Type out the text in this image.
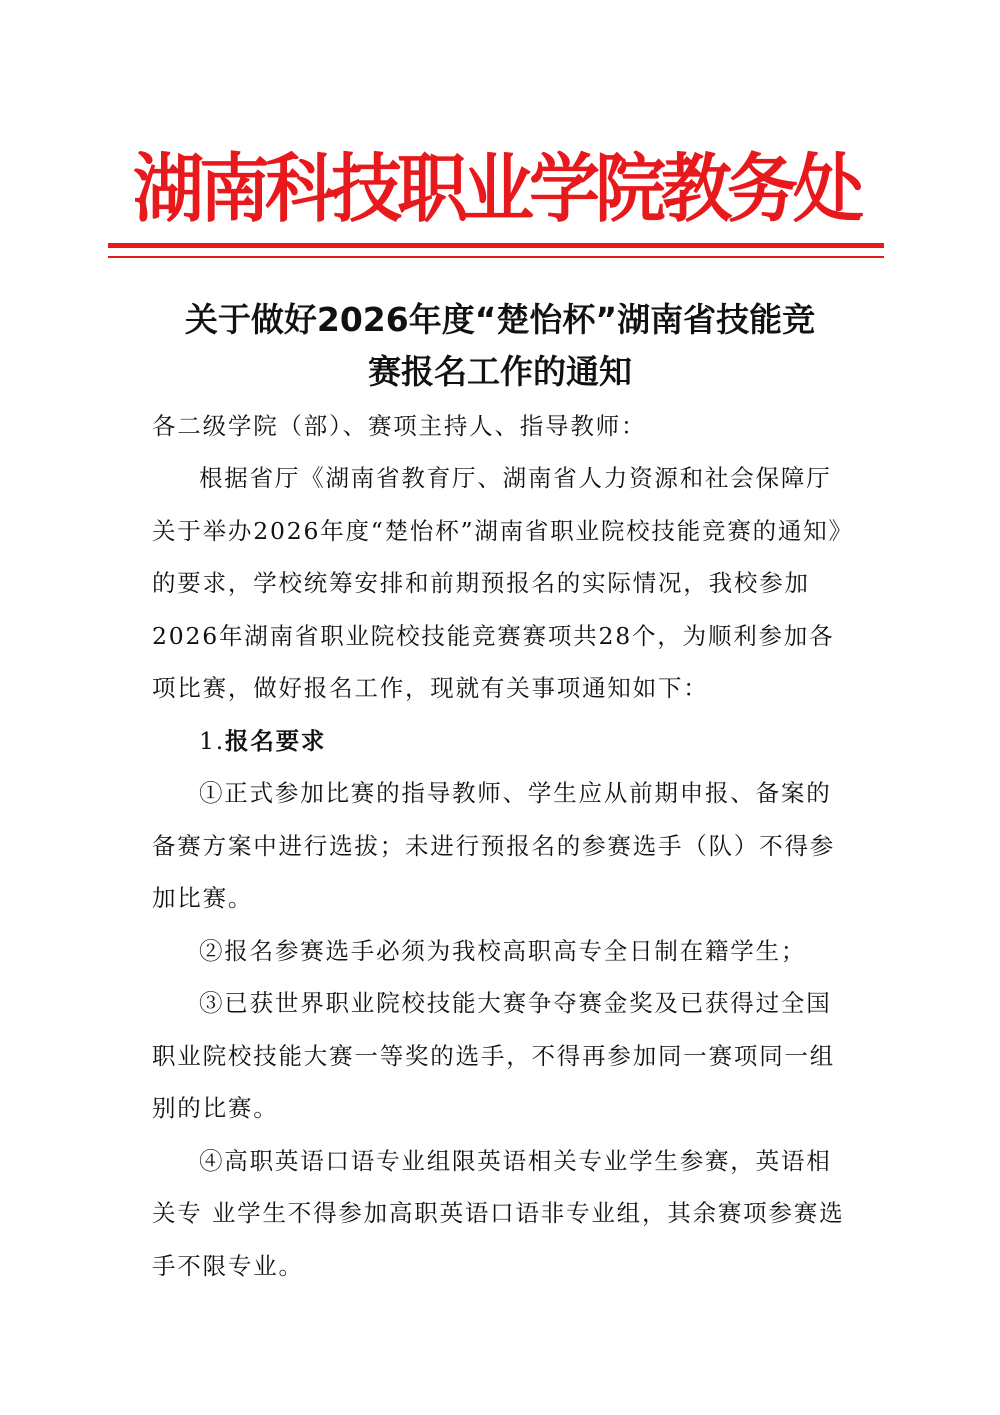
湖南科技职业学院教务处
关于做好2026年度“楚怡杯”湖南省技能竞
赛报名工作的通知

各二级学院（部）、赛项主持人、指导教师：

根据省厅《湖南省教育厅、湖南省人力资源和社会保障厅关于举办2026年度“楚怡杯”湖南省职业院校技能竞赛的通知》的要求，学校统筹安排和前期预报名的实际情况，我校参加2026年湖南省职业院校技能竞赛赛项共28个，为顺利参加各项比赛，做好报名工作，现就有关事项通知如下：

1.报名要求

①正式参加比赛的指导教师、学生应从前期申报、备案的备赛方案中进行选拔；未进行预报名的参赛选手（队）不得参加比赛。

②报名参赛选手必须为我校高职高专全日制在籍学生；

③已获世界职业院校技能大赛争夺赛金奖及已获得过全国职业院校技能大赛一等奖的选手，不得再参加同一赛项同一组别的比赛。

④高职英语口语专业组限英语相关专业学生参赛，英语相关专 业学生不得参加高职英语口语非专业组，其余赛项参赛选手不限专业。
